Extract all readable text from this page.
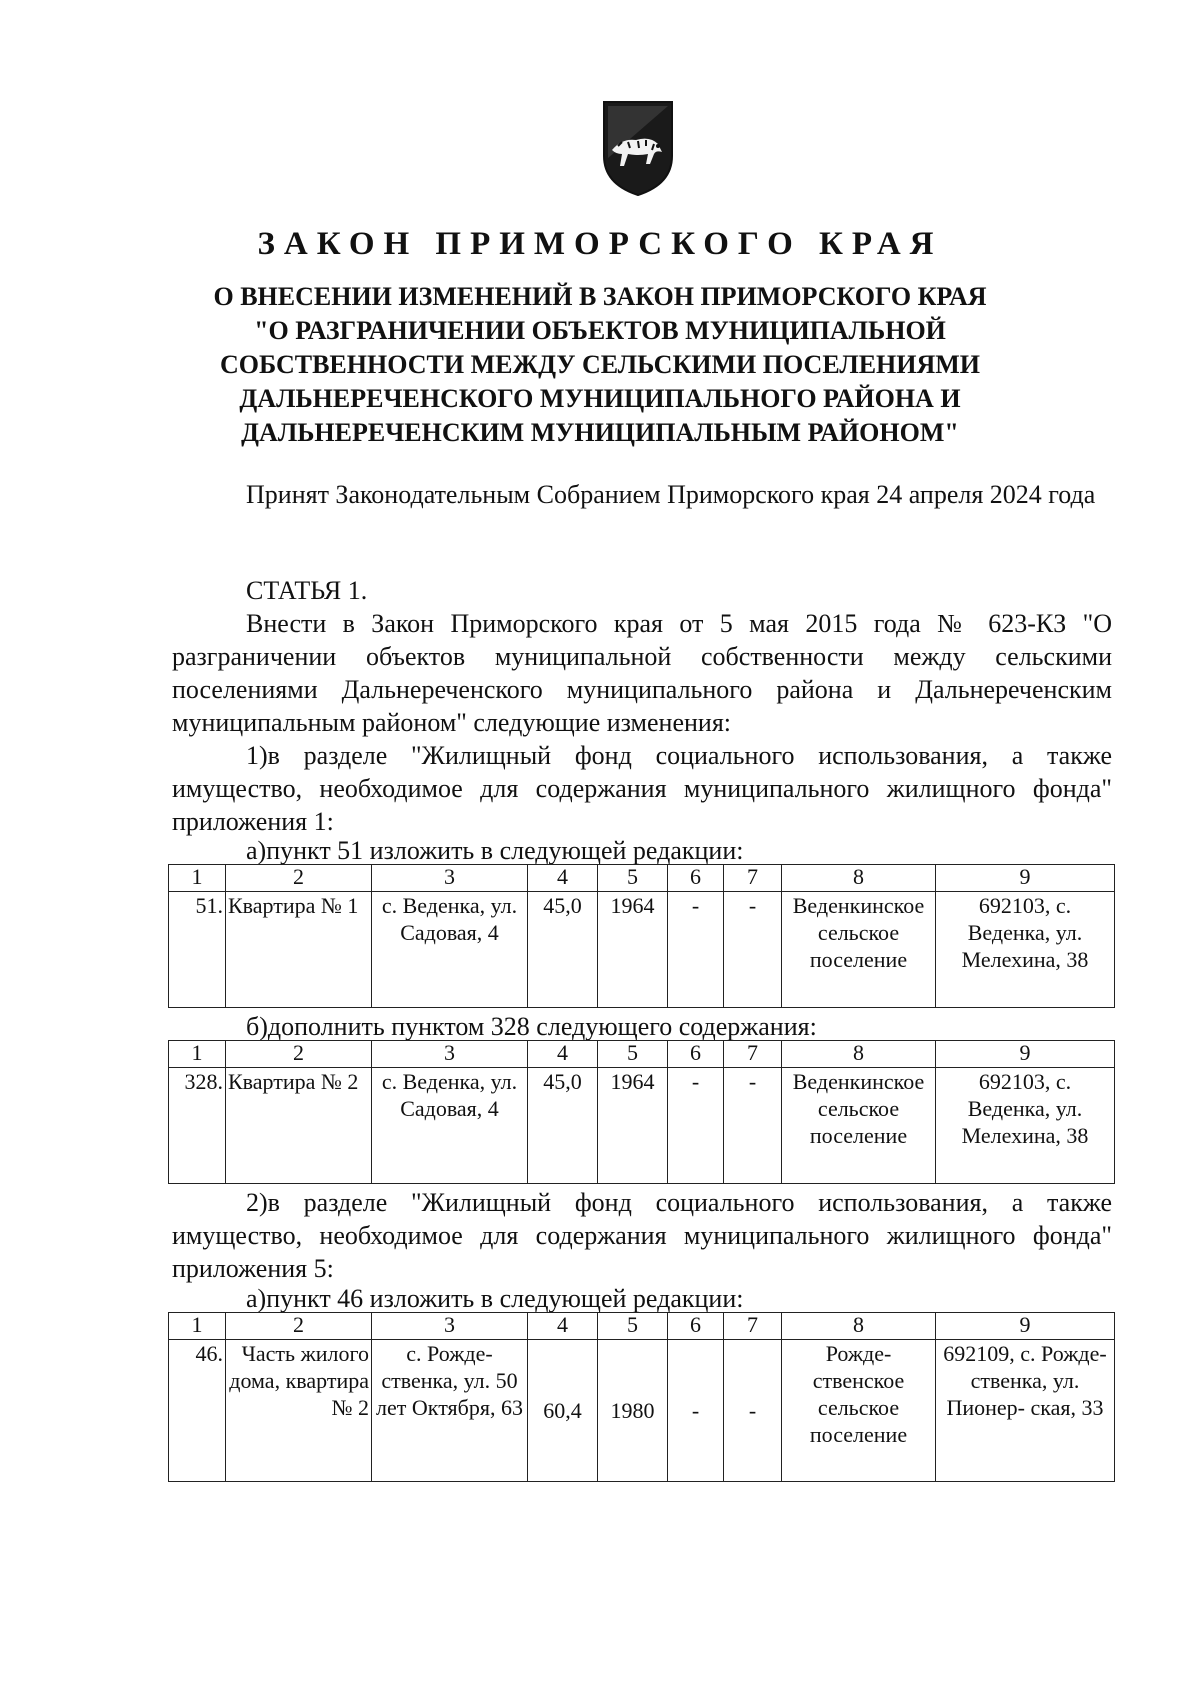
ЗАКОН ПРИМОРСКОГО КРАЯ
О ВНЕСЕНИИ ИЗМЕНЕНИЙ В ЗАКОН ПРИМОРСКОГО КРАЯ
"О РАЗГРАНИЧЕНИИ ОБЪЕКТОВ МУНИЦИПАЛЬНОЙ
СОБСТВЕННОСТИ МЕЖДУ СЕЛЬСКИМИ ПОСЕЛЕНИЯМИ
ДАЛЬНЕРЕЧЕНСКОГО МУНИЦИПАЛЬНОГО РАЙОНА И
ДАЛЬНЕРЕЧЕНСКИМ МУНИЦИПАЛЬНЫМ РАЙОНОМ"

Принят Законодательным Собранием Приморского края 24 апреля 2024 года

СТАТЬЯ 1.

Внести в Закон Приморского края от 5 мая 2015 года № 623-КЗ "О разграничении объектов муниципальной собственности между сельскими поселениями Дальнереченского муниципального района и Дальнереченским муниципальным районом" следующие изменения:

1)в разделе "Жилищный фонд социального использования, а также имущество, необходимое для содержания муниципального жилищного фонда" приложения 1:

а)пункт 51 изложить в следующей редакции:

1	2	3	4	5	6	7	8	9
51.	Квартира № 1	с. Веденка, ул. Садовая, 4	45,0	1964	-	-	Веденкинское сельское поселение	692103, с. Веденка, ул. Мелехина, 38

б)дополнить пунктом 328 следующего содержания:

1	2	3	4	5	6	7	8	9
328.	Квартира № 2	с. Веденка, ул. Садовая, 4	45,0	1964	-	-	Веденкинское сельское поселение	692103, с. Веденка, ул. Мелехина, 38

2)в разделе "Жилищный фонд социального использования, а также имущество, необходимое для содержания муниципального жилищного фонда" приложения 5:

а)пункт 46 изложить в следующей редакции:

1	2	3	4	5	6	7	8	9
46.	Часть жилого дома, квартира № 2	с. Рожде- ственка, ул. 50 лет Октября, 63	60,4	1980	-	-	Рожде- ственское сельское поселение	692109, с. Рожде- ственка, ул. Пионер- ская, 33
